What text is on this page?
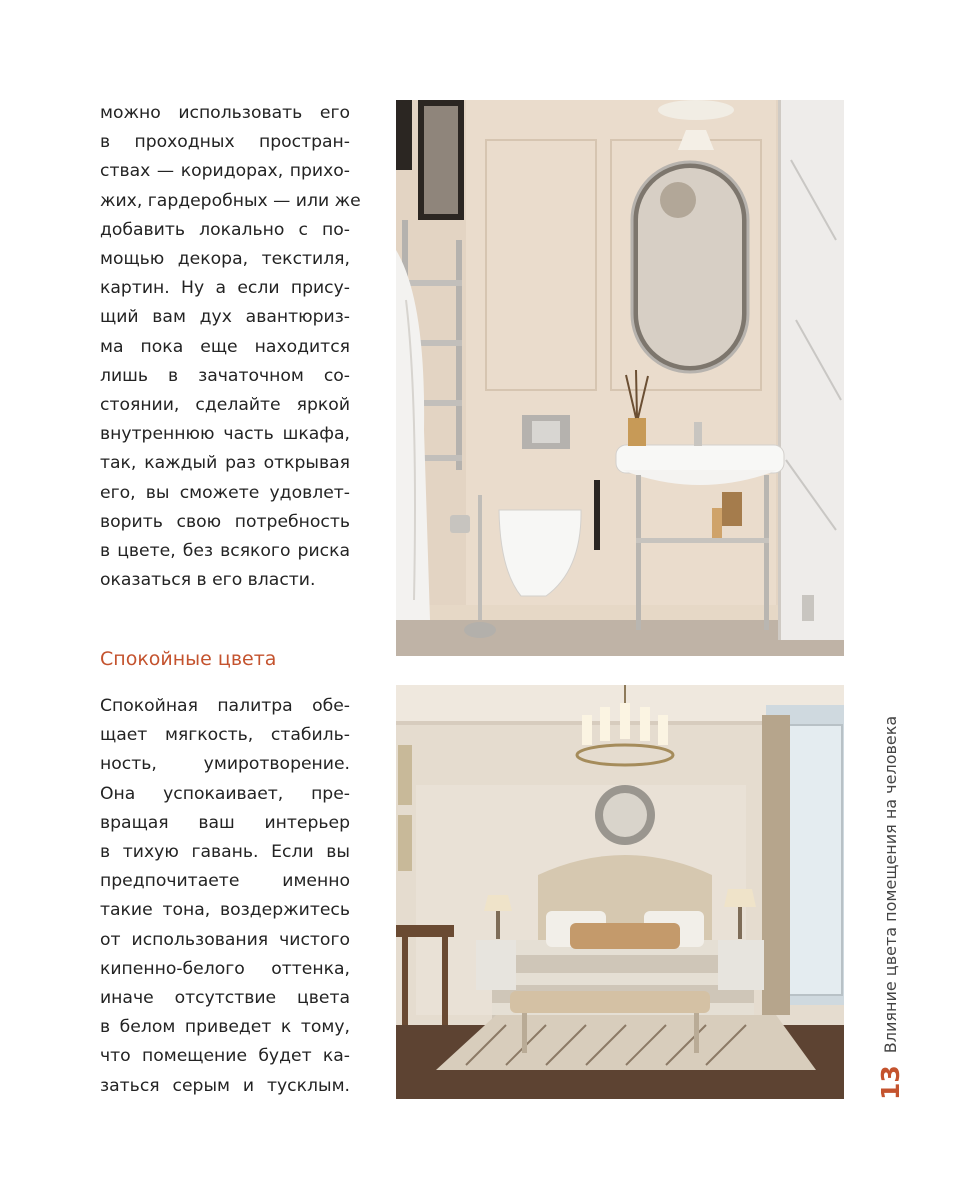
можно использовать его
в проходных простран-
ствах — коридорах, прихо-
жих, гардеробных — или же
добавить локально с по-
мощью декора, текстиля,
картин. Ну а если прису-
щий вам дух авантюриз-
ма пока еще находится
лишь в зачаточном со-
стоянии, сделайте яркой
внутреннюю часть шкафа,
так, каждый раз открывая
его, вы сможете удовлет-
ворить свою потребность
в цвете, без всякого риска
оказаться в его власти.
Спокойные цвета
Спокойная палитра обе-
щает мягкость, стабиль-
ность, умиротворение.
Она успокаивает, пре-
вращая ваш интерьер
в тихую гавань. Если вы
предпочитаете именно
такие тона, воздержитесь
от использования чистого
кипенно-белого оттенка,
иначе отсутствие цвета
в белом приведет к тому,
что помещение будет ка-
заться серым и тусклым.	13Влияние цвета помещения на человека
